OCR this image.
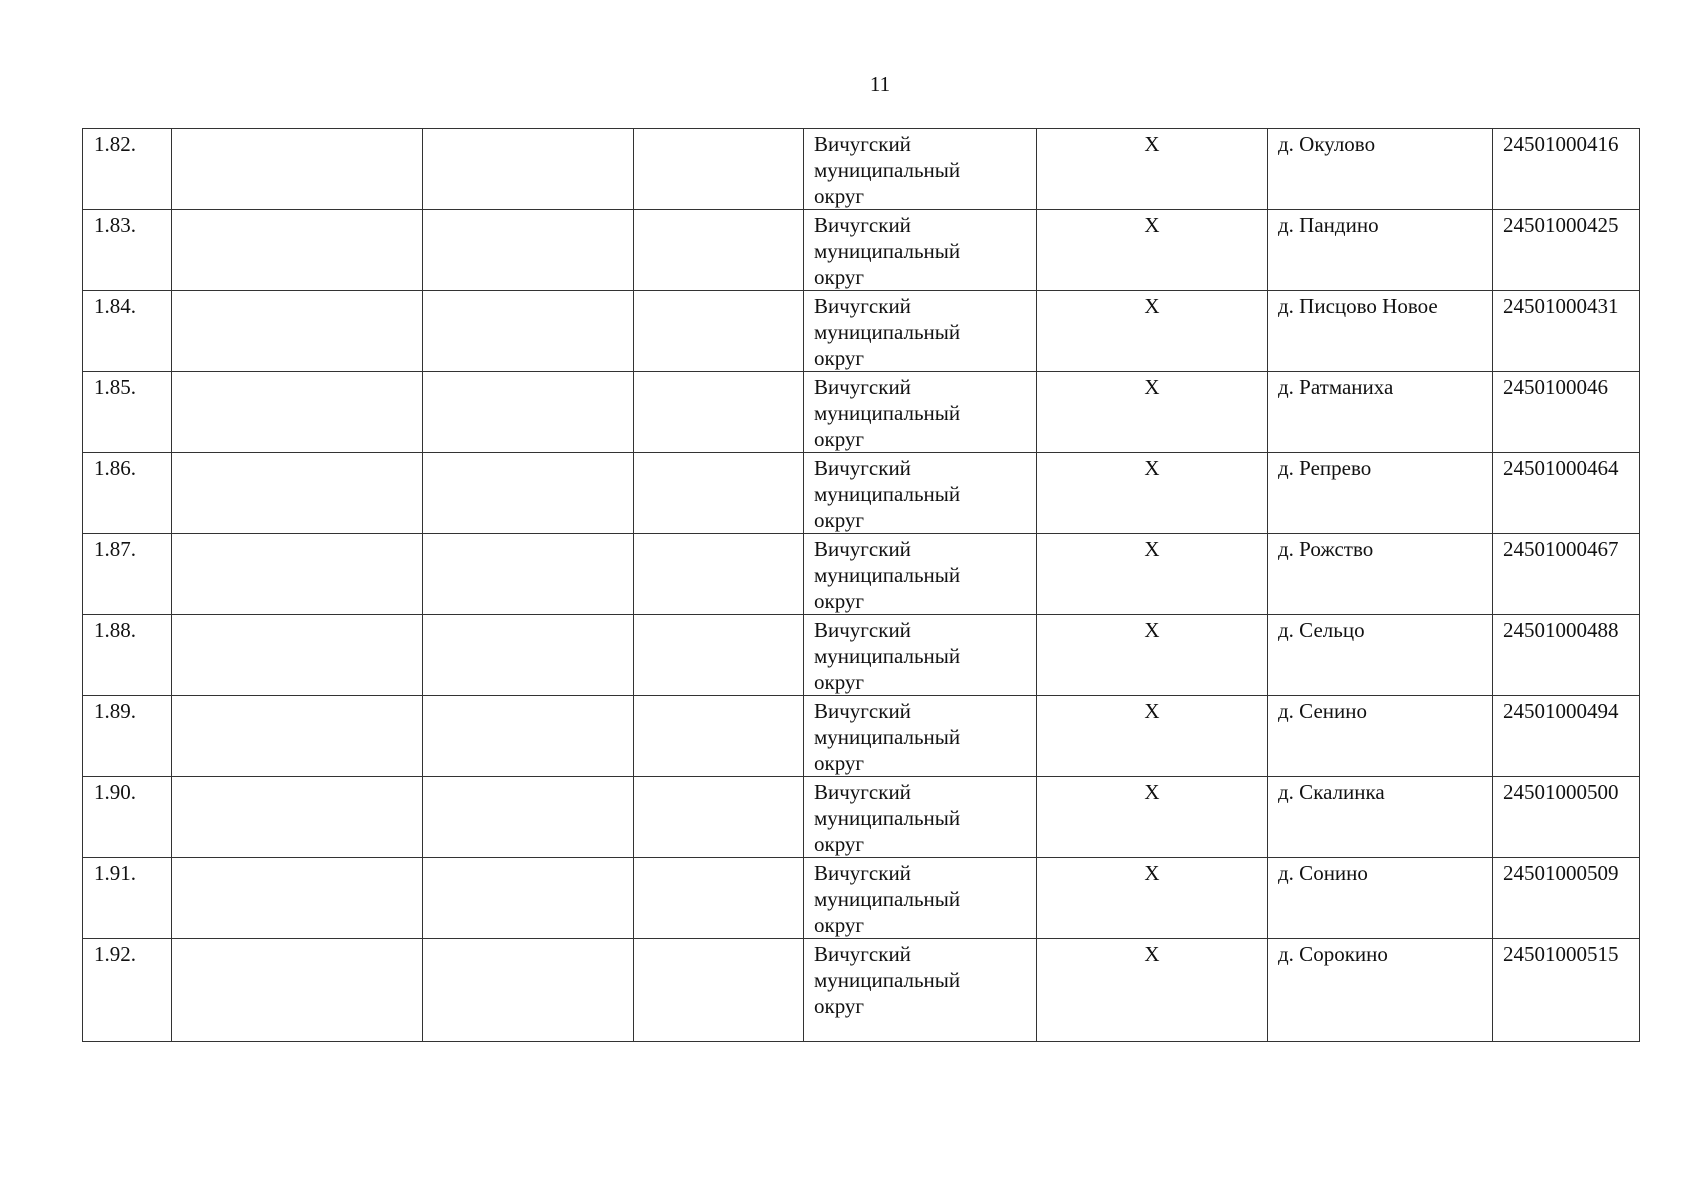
11
1.82.				Вичугский
муниципальный
округ	X	д. Окулово	24501000416

1.83.				Вичугский
муниципальный
округ	X	д. Пандино	24501000425

1.84.				Вичугский
муниципальный
округ	X	д. Писцово Новое	24501000431

1.85.				Вичугский
муниципальный
округ	X	д. Ратманиха	2450100046

1.86.				Вичугский
муниципальный
округ	X	д. Репрево	24501000464

1.87.				Вичугский
муниципальный
округ	X	д. Рожство	24501000467

1.88.				Вичугский
муниципальный
округ	X	д. Сельцо	24501000488

1.89.				Вичугский
муниципальный
округ	X	д. Сенино	24501000494

1.90.				Вичугский
муниципальный
округ	X	д. Скалинка	24501000500

1.91.				Вичугский
муниципальный
округ	X	д. Сонино	24501000509

1.92.				Вичугский
муниципальный
округ	X	д. Сорокино	24501000515
